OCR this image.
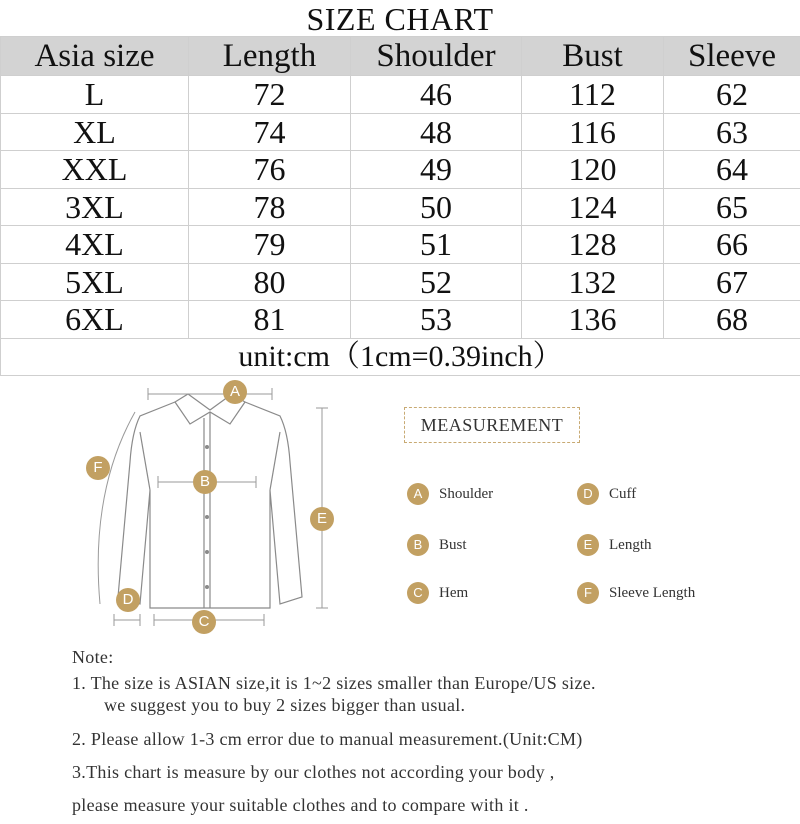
SIZE CHART
Asia size	Length	Shoulder	Bust	Sleeve
L	72	46	112	62
XL	74	48	116	63
XXL	76	49	120	64
3XL	78	50	124	65
4XL	79	51	128	66
5XL	80	52	132	67
6XL	81	53	136	68
unit:cm（1cm=0.39inch）				
A
B
C
D
E
F
MEASUREMENT
A	Shoulder
B	Bust
C	Hem
D	Cuff
E	Length
F	Sleeve Length
Note:
1. The size is ASIAN size,it is 1~2 sizes smaller than Europe/US size.
we suggest you to buy 2 sizes bigger than usual.
2. Please allow 1-3 cm error due to manual measurement.(Unit:CM)
3.This chart is measure by our clothes not according your body ,
please measure your suitable clothes and to compare with it .
